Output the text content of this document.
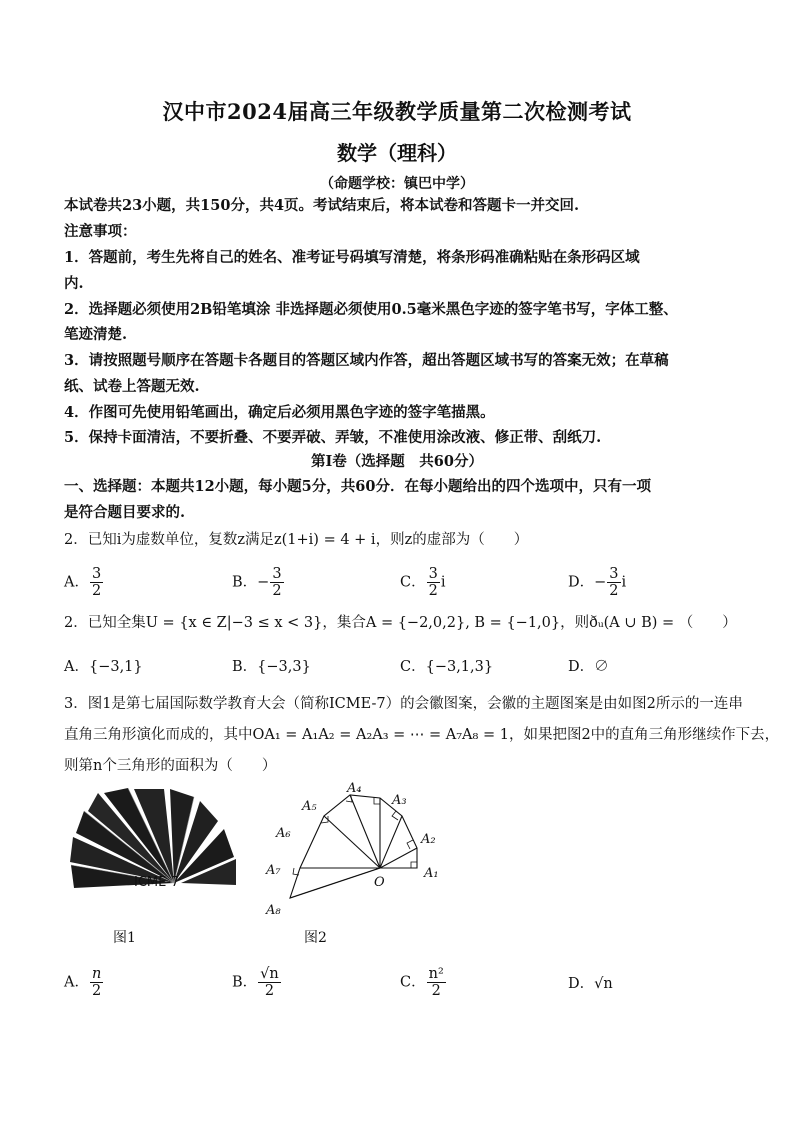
汉中市2024届高三年级教学质量第二次检测考试
数学（理科）
（命题学校：镇巴中学）
本试卷共23小题，共150分，共4页。考试结束后，将本试卷和答题卡一并交回.
注意事项：
1．答题前，考生先将自己的姓名、准考证号码填写清楚，将条形码准确粘贴在条形码区域
内.
2．选择题必须使用2B铅笔填涂 非选择题必须使用0.5毫米黑色字迹的签字笔书写，字体工整、
笔迹清楚.
3．请按照题号顺序在答题卡各题目的答题区域内作答，超出答题区域书写的答案无效；在草稿
纸、试卷上答题无效.
4．作图可先使用铅笔画出，确定后必须用黑色字迹的签字笔描黑。
5．保持卡面清洁，不要折叠、不要弄破、弄皱，不准使用涂改液、修正带、刮纸刀.
第Ⅰ卷（选择题　共60分）
一、选择题：本题共12小题，每小题5分，共60分．在每小题给出的四个选项中，只有一项
是符合题目要求的.
2．已知i为虚数单位，复数z满足z(1+i) = 4 + i，则z的虚部为（　　）
A． $\frac{3}{2}$	B．− $\frac{3}{2}$	C． $\frac{3}{2}$ i	D．− $\frac{3}{2}$ i
2．已知全集U = {x ∈ Z|−3 ≤ x < 3}，集合A = {−2,0,2}, B = {−1,0}，则ðᵤ(A ∪ B) = （　　）
A．{−3,1}	B．{−3,3}	C．{−3,1,3}	D．∅
3．图1是第七届国际数学教育大会（简称ICME-7）的会徽图案，会徽的主题图案是由如图2所示的一连串
直角三角形演化而成的，其中OA₁ = A₁A₂ = A₂A₃ = ⋯ = A₇A₈ = 1，如果把图2中的直角三角形继续作下去，
则第n个三角形的面积为（　　）
ICME-7
A₁
A₂
A₃
A₄
A₅
A₆
A₇
A₈
O
图1	图2
A． $\frac{n}{2}$	B． $\frac{√n}{2}$	C． $\frac{\text{n²}}{2}$	D．√n
